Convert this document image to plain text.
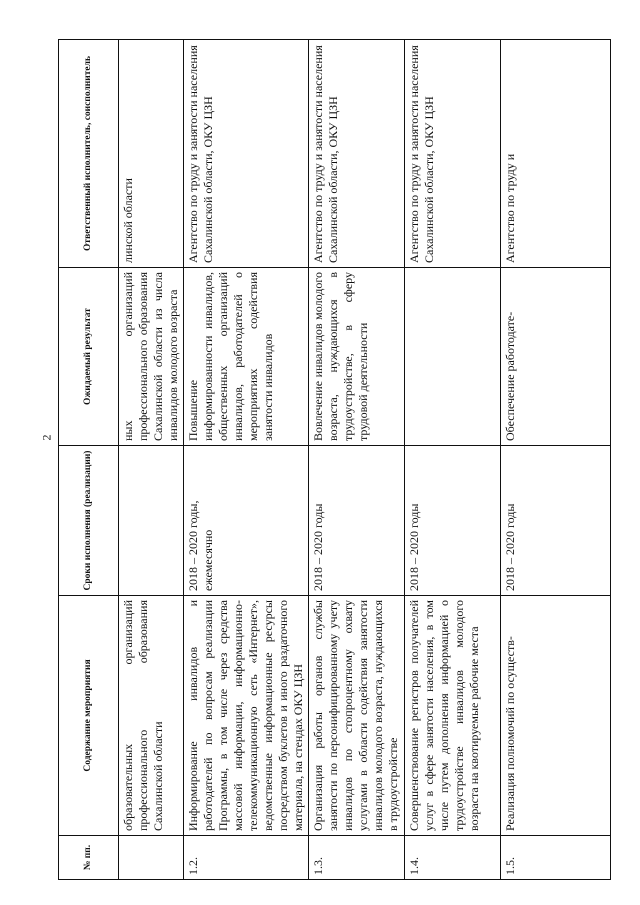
2
№ пп.	Содержание мероприятия	Сроки исполнения (реализации)	Ожидаемый результат	Ответственный исполнитель, соисполнитель
	образовательных организаций профессионального образования Сахалинской области		ных организаций профессионального образования Сахалинской области из числа инвалидов молодого возраста	линской области
1.2.	Информирование инвалидов и работодателей по вопросам реализации Программы, в том числе через средства массовой информации, информационно-телекоммуникационную сеть «Интернет», ведомственные информационные ресурсы посредством буклетов и иного раздаточного материала, на стендах ОКУ ЦЗН	2018 – 2020 годы, ежемесячно	Повышение информированности инвалидов, общественных организаций инвалидов, работодателей о мероприятиях содействия занятости инвалидов	Агентство по труду и занятости населения Сахалинской области, ОКУ ЦЗН
1.3.	Организация работы органов службы занятости по персонифицированному учету инвалидов по стопроцентному охвату услугами в области содействия занятости инвалидов молодого возраста, нуждающихся в трудоустройстве	2018 – 2020 годы	Вовлечение инвалидов молодого возраста, нуждающихся в трудоустройстве, в сферу трудовой деятельности	Агентство по труду и занятости населения Сахалинской области, ОКУ ЦЗН
1.4.	Совершенствование регистров получателей услуг в сфере занятости населения, в том числе путем дополнения информацией о трудоустройстве инвалидов молодого возраста на квотируемые рабочие места	2018 – 2020 годы		Агентство по труду и занятости населения Сахалинской области, ОКУ ЦЗН
1.5.	Реализация полномочий по осуществ-	2018 – 2020 годы	Обеспечение работодате-	Агентство по труду и
